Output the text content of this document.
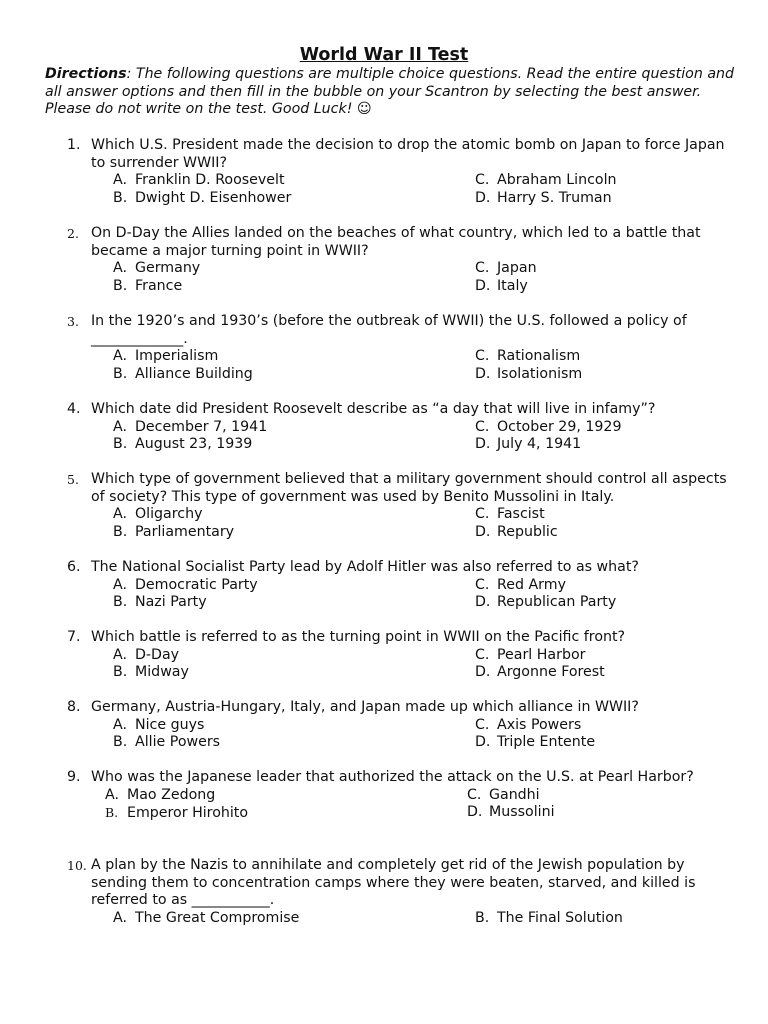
World War II Test
Directions: The following questions are multiple choice questions. Read the entire question and all answer options and then fill in the bubble on your Scantron by selecting the best answer. Please do not write on the test. Good Luck! ☺
1. Which U.S. President made the decision to drop the atomic bomb on Japan to force Japan to surrender WWII?
A. Franklin D. Roosevelt	C. Abraham Lincoln
B. Dwight D. Eisenhower	D. Harry S. Truman
2. On D-Day the Allies landed on the beaches of what country, which led to a battle that became a major turning point in WWII?
A. Germany	C. Japan
B. France	D. Italy
3. In the 1920’s and 1930’s (before the outbreak of WWII) the U.S. followed a policy of _____________.
A. Imperialism	C. Rationalism
B. Alliance Building	D. Isolationism
4. Which date did President Roosevelt describe as “a day that will live in infamy”?
A. December 7, 1941	C. October 29, 1929
B. August 23, 1939	D. July 4, 1941
5. Which type of government believed that a military government should control all aspects of society? This type of government was used by Benito Mussolini in Italy.
A. Oligarchy	C. Fascist
B. Parliamentary	D. Republic
6. The National Socialist Party lead by Adolf Hitler was also referred to as what?
A. Democratic Party	C. Red Army
B. Nazi Party	D. Republican Party
7. Which battle is referred to as the turning point in WWII on the Pacific front?
A. D-Day	C. Pearl Harbor
B. Midway	D. Argonne Forest
8. Germany, Austria-Hungary, Italy, and Japan made up which alliance in WWII?
A. Nice guys	C. Axis Powers
B. Allie Powers	D. Triple Entente
9. Who was the Japanese leader that authorized the attack on the U.S. at Pearl Harbor?
A. Mao Zedong	C. Gandhi
B. Emperor Hirohito	D. Mussolini
10. A plan by the Nazis to annihilate and completely get rid of the Jewish population by sending them to concentration camps where they were beaten, starved, and killed is referred to as ___________.
A. The Great Compromise	B. The Final Solution
